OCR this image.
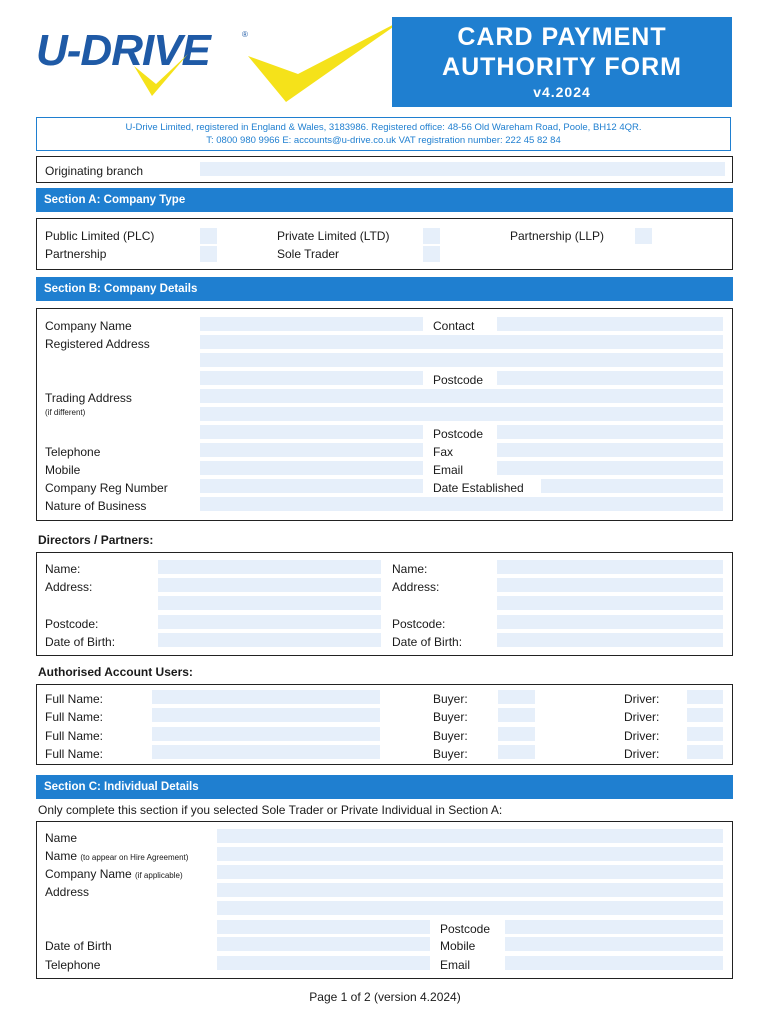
U-DRIVE	®	CARD PAYMENT
AUTHORITY FORM
v4.2024
U-Drive Limited, registered in England & Wales, 3183986. Registered office: 48-56 Old Wareham Road, Poole, BH12 4QR.
T: 0800 980 9966 E: accounts@u-drive.co.uk VAT registration number: 222 45 82 84
Originating branch
Section A: Company Type
Public Limited (PLC)	Private Limited (LTD)	Partnership (LLP)
Partnership	Sole Trader
Section B: Company Details
Company Name	Contact
Registered Address
Postcode
Trading Address
(if different)
Postcode
Telephone	Fax
Mobile	Email
Company Reg Number	Date Established
Nature of Business
Directors / Partners:
Name:
Address:
Postcode:
Date of Birth:
Name:
Address:
Postcode:
Date of Birth:
Authorised Account Users:
Full Name:	Buyer:	Driver:
Full Name:	Buyer:	Driver:
Full Name:	Buyer:	Driver:
Full Name:	Buyer:	Driver:
Section C: Individual Details
Only complete this section if you selected Sole Trader or Private Individual in Section A:
Name
Name (to appear on Hire Agreement)
Company Name (if applicable)
Address
Postcode
Date of Birth	Mobile
Telephone	Email
Page 1 of 2 (version 4.2024)
